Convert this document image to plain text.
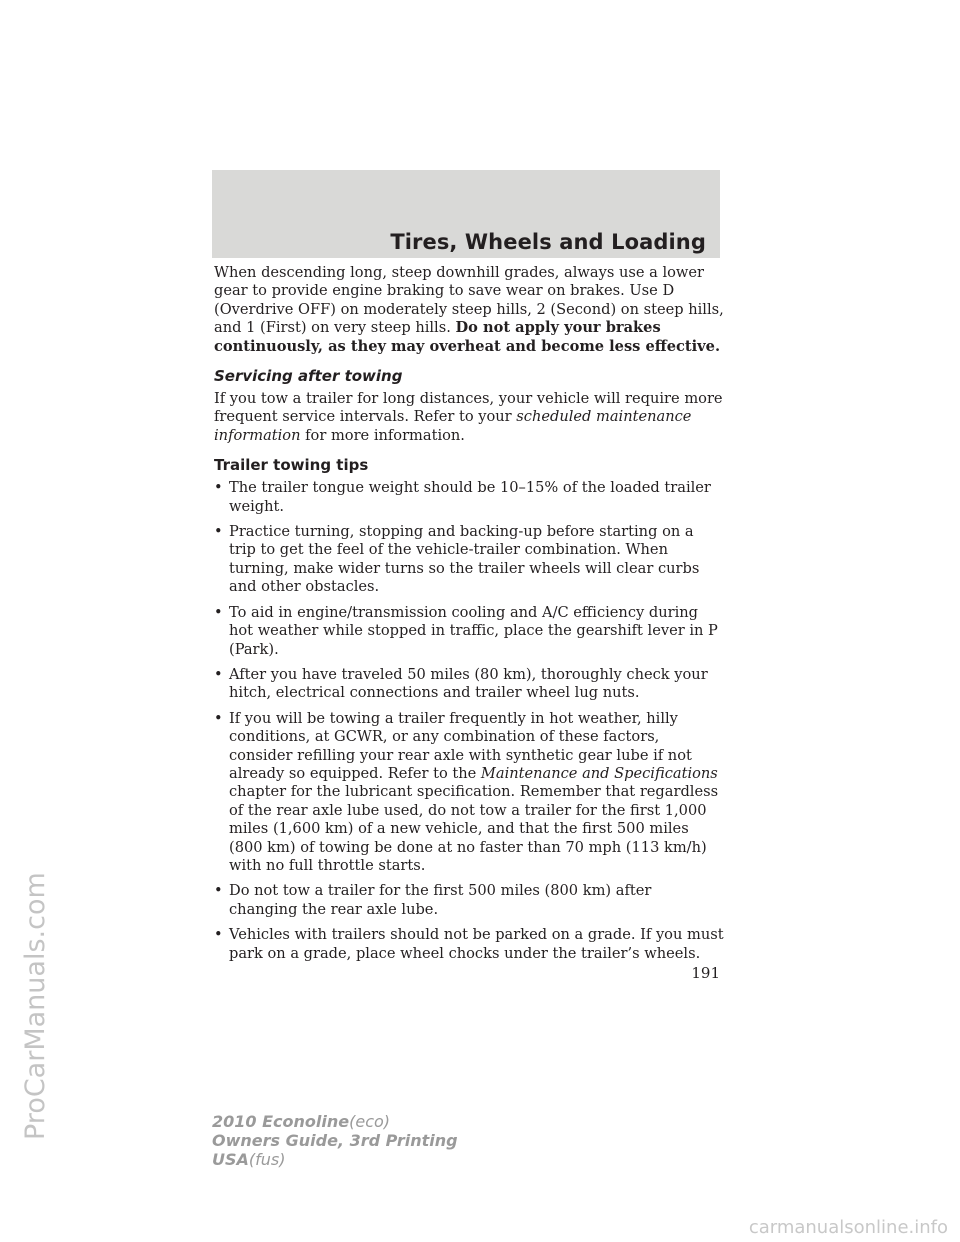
Tires, Wheels and Loading
ProCarManuals.com

When descending long, steep downhill grades, always use a lower gear to provide engine braking to save wear on brakes. Use D (Overdrive OFF) on moderately steep hills, 2 (Second) on steep hills, and 1 (First) on very steep hills. Do not apply your brakes continuously, as they may overheat and become less effective.

Servicing after towing

If you tow a trailer for long distances, your vehicle will require more frequent service intervals. Refer to your scheduled maintenance information for more information.

Trailer towing tips
• The trailer tongue weight should be 10–15% of the loaded trailer weight.
• Practice turning, stopping and backing-up before starting on a trip to get the feel of the vehicle-trailer combination. When turning, make wider turns so the trailer wheels will clear curbs and other obstacles.
• To aid in engine/transmission cooling and A/C efficiency during hot weather while stopped in traffic, place the gearshift lever in P (Park).
• After you have traveled 50 miles (80 km), thoroughly check your hitch, electrical connections and trailer wheel lug nuts.
• If you will be towing a trailer frequently in hot weather, hilly conditions, at GCWR, or any combination of these factors, consider refilling your rear axle with synthetic gear lube if not already so equipped. Refer to the Maintenance and Specifications chapter for the lubricant specification. Remember that regardless of the rear axle lube used, do not tow a trailer for the first 1,000 miles (1,600 km) of a new vehicle, and that the first 500 miles (800 km) of towing be done at no faster than 70 mph (113 km/h) with no full throttle starts.
• Do not tow a trailer for the first 500 miles (800 km) after changing the rear axle lube.
• Vehicles with trailers should not be parked on a grade. If you must park on a grade, place wheel chocks under the trailer’s wheels.
191
2010 Econoline(eco)
Owners Guide, 3rd Printing
USA(fus)
carmanualsonline.info
